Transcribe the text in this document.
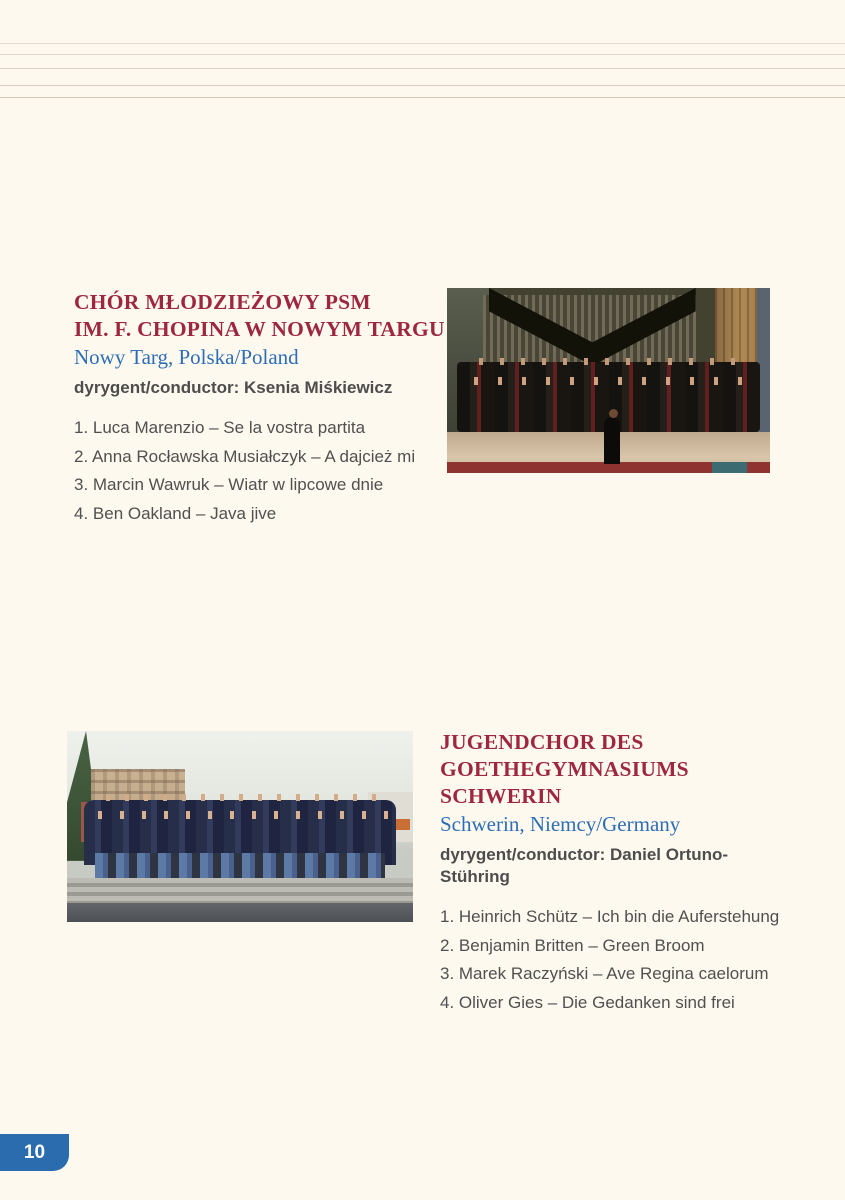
CHÓR MŁODZIEŻOWY PSM
IM. F. CHOPINA W NOWYM TARGU
Nowy Targ, Polska/Poland
dyrygent/conductor: Ksenia Miśkiewicz
1. Luca Marenzio – Se la vostra partita
2. Anna Rocławska Musiałczyk – A dajcież mi
3. Marcin Wawruk – Wiatr w lipcowe dnie
4. Ben Oakland – Java jive
JUGENDCHOR DES
GOETHEGYMNASIUMS
SCHWERIN
Schwerin, Niemcy/Germany
dyrygent/conductor: Daniel Ortuno-
Stühring
1. Heinrich Schütz – Ich bin die Auferstehung
2. Benjamin Britten – Green Broom
3. Marek Raczyński – Ave Regina caelorum
4. Oliver Gies – Die Gedanken sind frei
10
